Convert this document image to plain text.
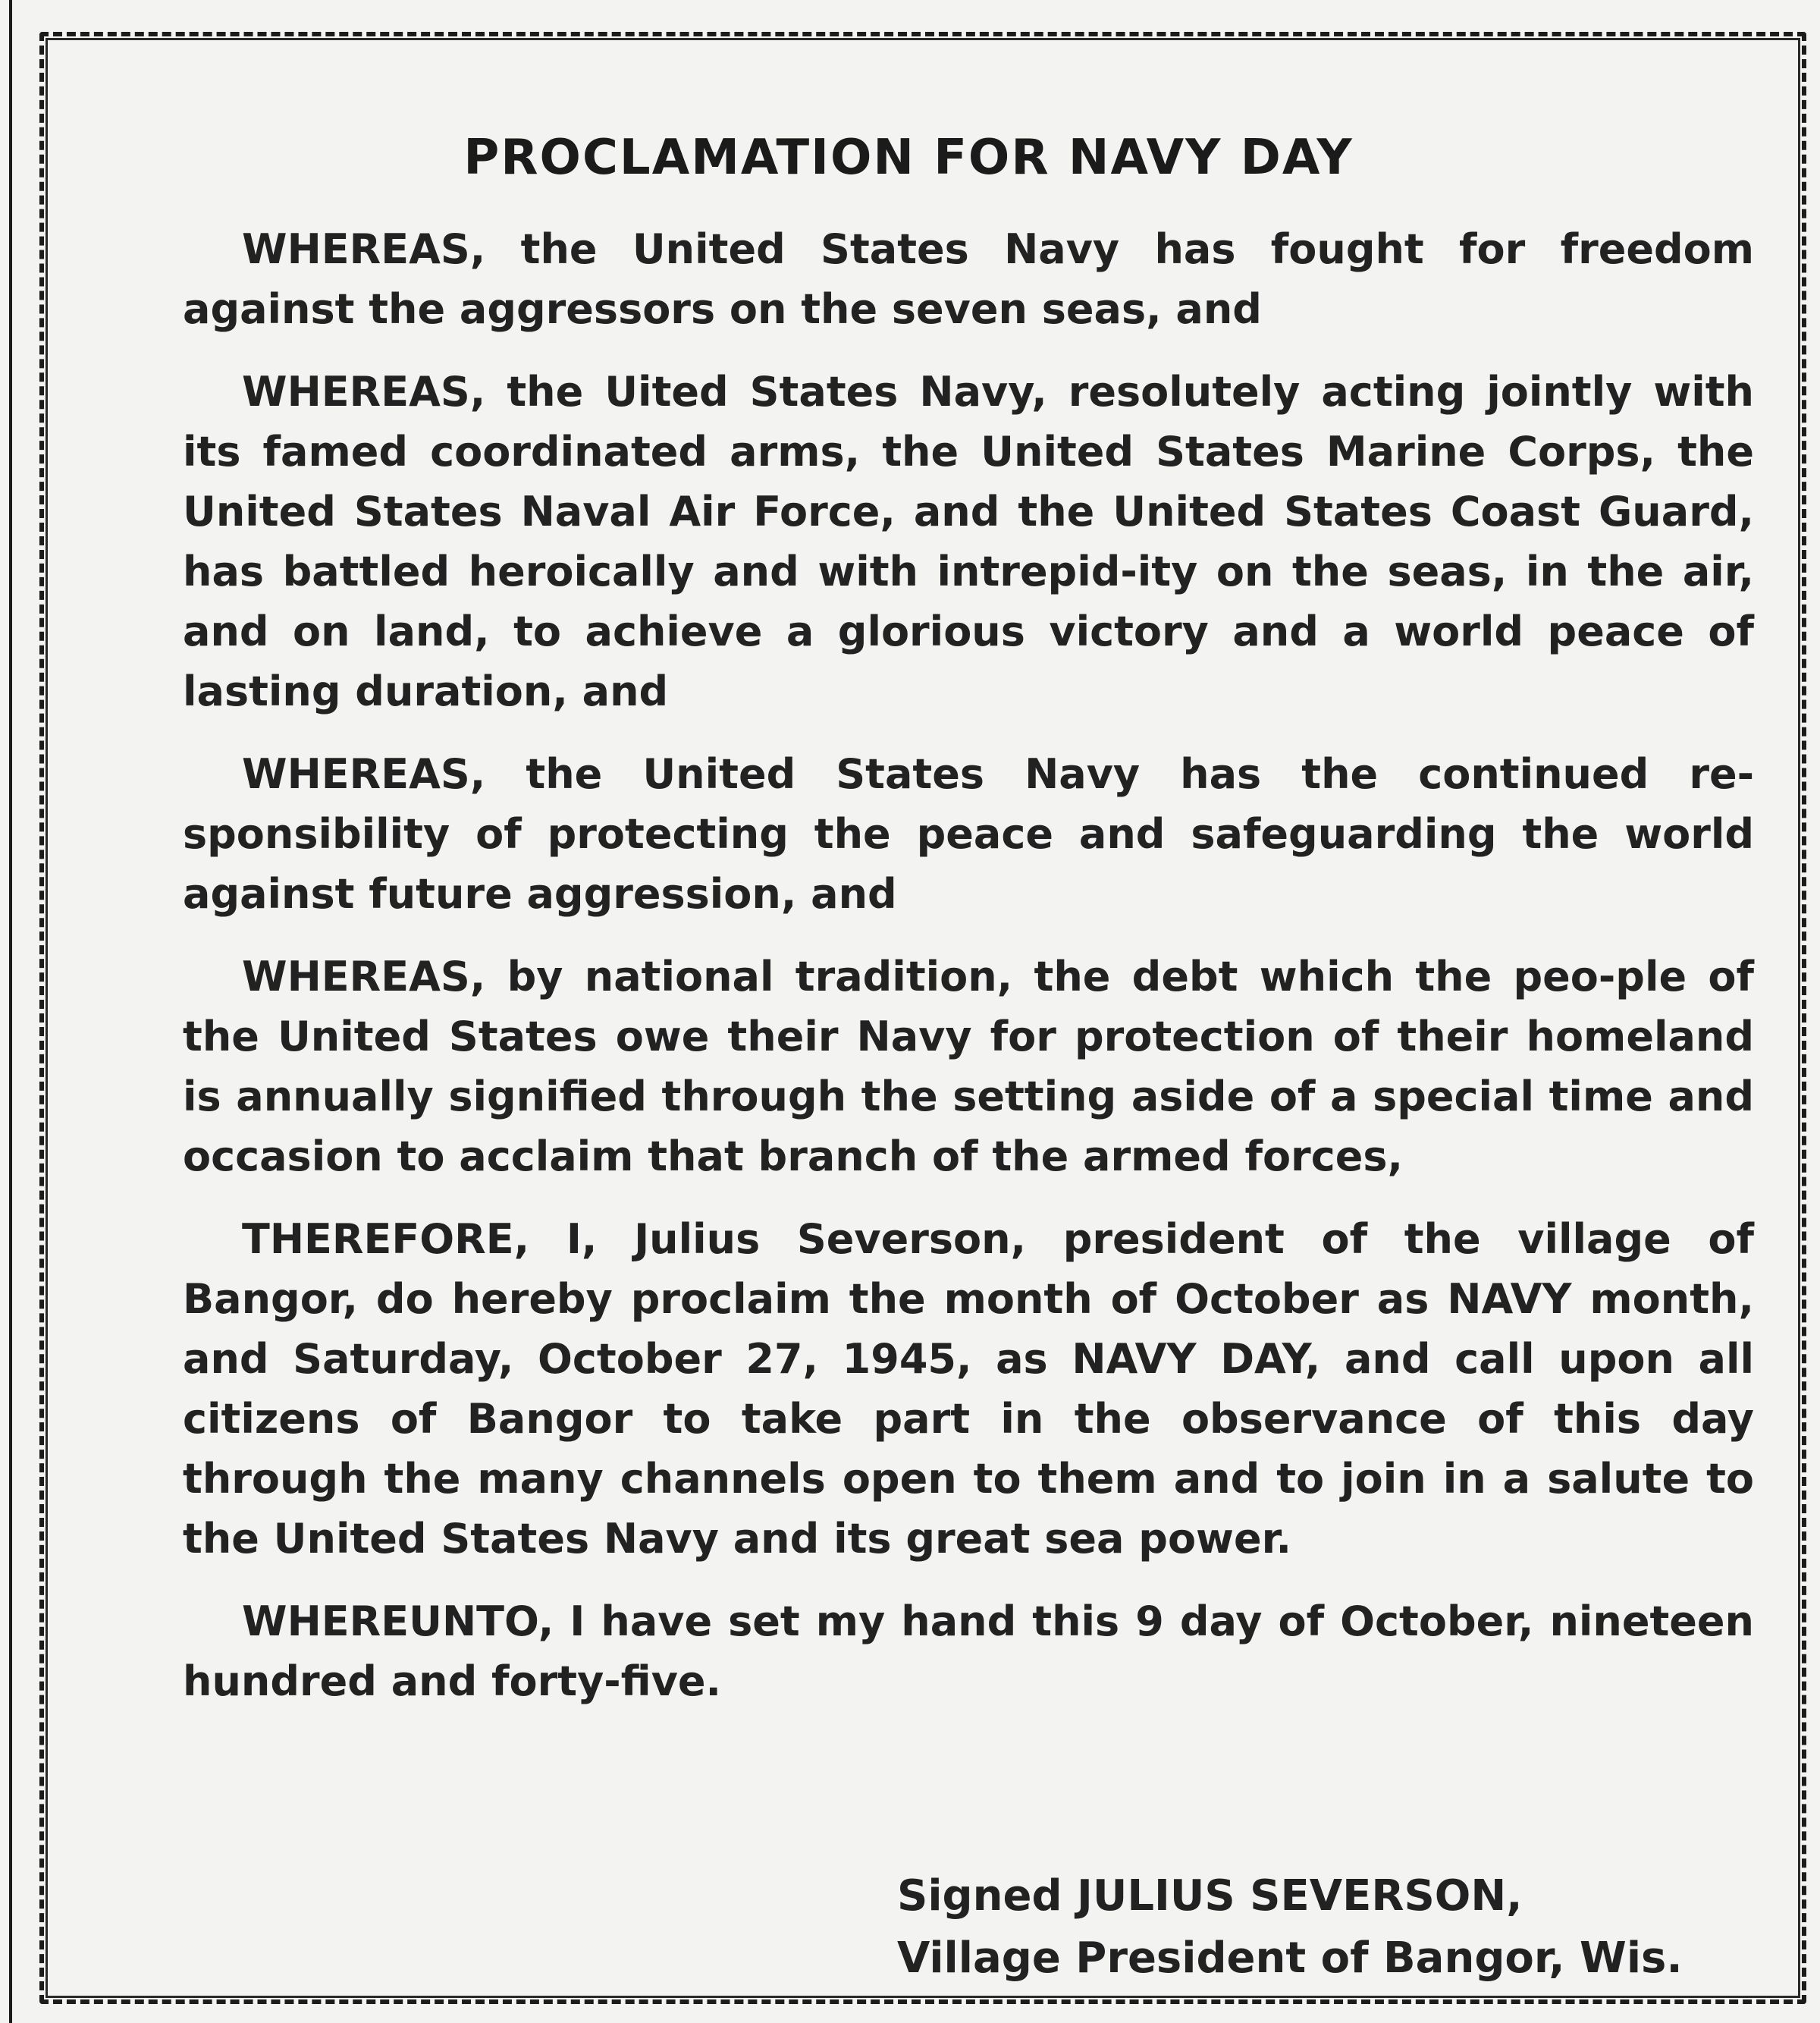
PROCLAMATION FOR NAVY DAY

WHEREAS, the United States Navy has fought for freedom against the aggressors on the seven seas, and

WHEREAS, the Uited States Navy, resolutely acting jointly with its famed coordinated arms, the United States Marine Corps, the United States Naval Air Force, and the United States Coast Guard, has battled heroically and with intrepid-ity on the seas, in the air, and on land, to achieve a glorious victory and a world peace of lasting duration, and

WHEREAS, the United States Navy has the continued re-sponsibility of protecting the peace and safeguarding the world against future aggression, and

WHEREAS, by national tradition, the debt which the peo-ple of the United States owe their Navy for protection of their homeland is annually signified through the setting aside of a special time and occasion to acclaim that branch of the armed forces,

THEREFORE, I, Julius Severson, president of the village of Bangor, do hereby proclaim the month of October as NAVY month, and Saturday, October 27, 1945, as NAVY DAY, and call upon all citizens of Bangor to take part in the observance of this day through the many channels open to them and to join in a salute to the United States Navy and its great sea power.

WHEREUNTO, I have set my hand this 9 day of October, nineteen hundred and forty-five.

Signed JULIUS SEVERSON,
Village President of Bangor, Wis.
